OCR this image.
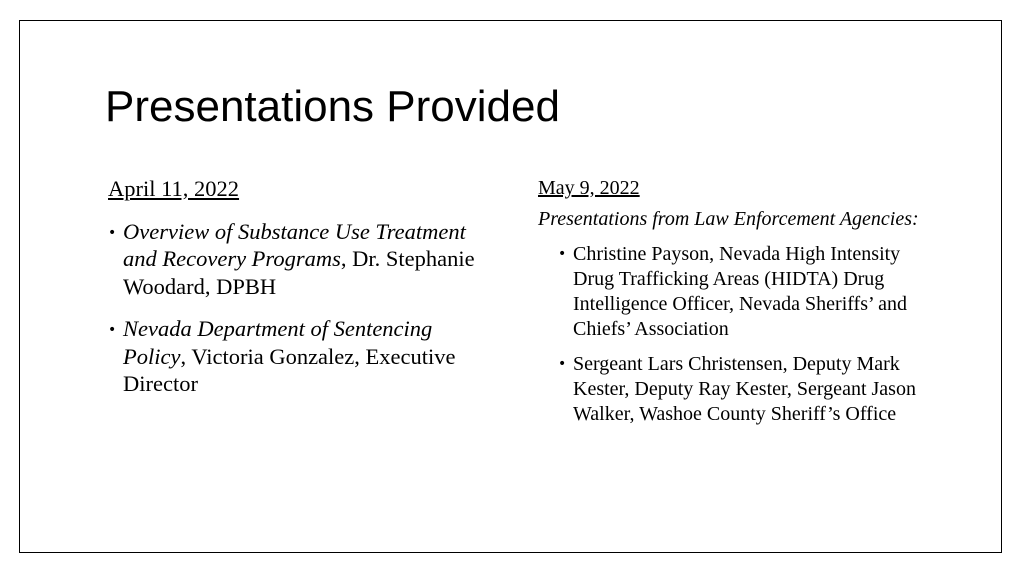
Presentations Provided

April 11, 2022

• Overview of Substance Use Treatment and Recovery Programs, Dr. Stephanie Woodard, DPBH
• Nevada Department of Sentencing Policy, Victoria Gonzalez, Executive Director

May 9, 2022

Presentations from Law Enforcement Agencies:

• Christine Payson, Nevada High Intensity Drug Trafficking Areas (HIDTA) Drug Intelligence Officer, Nevada Sheriffs’ and Chiefs’ Association
• Sergeant Lars Christensen, Deputy Mark Kester, Deputy Ray Kester, Sergeant Jason Walker, Washoe County Sheriff’s Office
